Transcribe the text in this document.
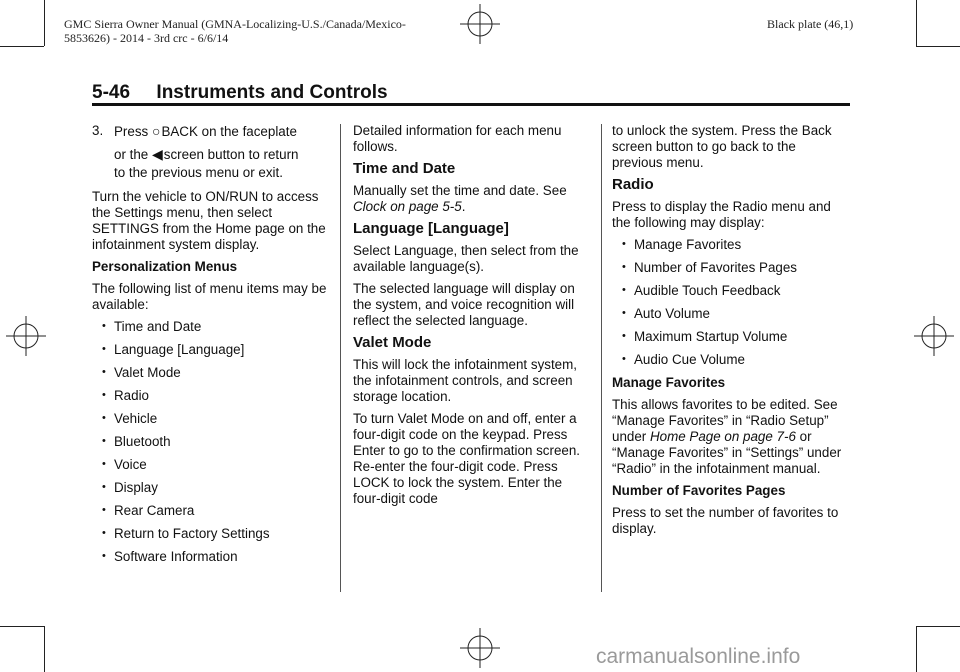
GMC Sierra Owner Manual (GMNA-Localizing-U.S./Canada/Mexico-
5853626) - 2014 - 3rd crc - 6/6/14
Black plate (46,1)
5-46     Instruments and Controls
3. Press ○BACK on the faceplate
or the ◀screen button to return
to the previous menu or exit.

Turn the vehicle to ON/RUN to access the Settings menu, then select SETTINGS from the Home page on the infotainment system display.

Personalization Menus

The following list of menu items may be available:

• Time and Date
• Language [Language]
• Valet Mode
• Radio
• Vehicle
• Bluetooth
• Voice
• Display
• Rear Camera
• Return to Factory Settings
• Software Information

Detailed information for each menu follows.

Time and Date

Manually set the time and date. See Clock on page 5-5.

Language [Language]

Select Language, then select from the available language(s).

The selected language will display on the system, and voice recognition will reflect the selected language.

Valet Mode

This will lock the infotainment system, the infotainment controls, and screen storage location.

To turn Valet Mode on and off, enter a four-digit code on the keypad. Press Enter to go to the confirmation screen. Re-enter the four-digit code. Press LOCK to lock the system. Enter the four-digit code

to unlock the system. Press the Back screen button to go back to the previous menu.

Radio

Press to display the Radio menu and the following may display:

• Manage Favorites
• Number of Favorites Pages
• Audible Touch Feedback
• Auto Volume
• Maximum Startup Volume
• Audio Cue Volume

Manage Favorites

This allows favorites to be edited. See “Manage Favorites” in “Radio Setup” under Home Page on page 7-6 or “Manage Favorites” in “Settings” under “Radio” in the infotainment manual.

Number of Favorites Pages

Press to set the number of favorites to display.

carmanualsonline.info
